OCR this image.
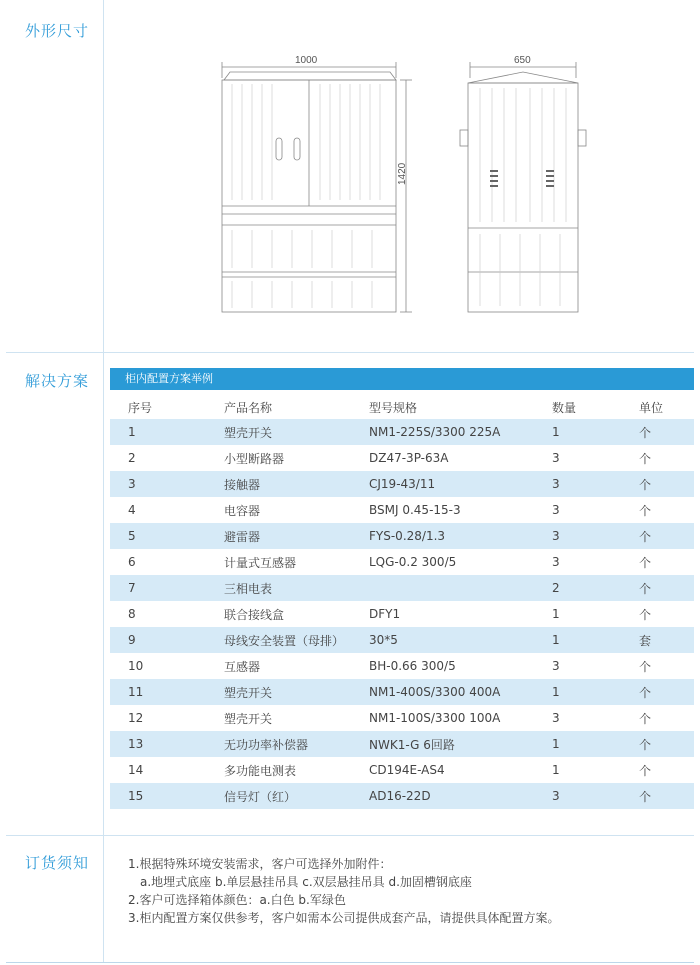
外形尺寸
解决方案
订货须知
1000	650
1420
柜内配置方案举例
序号	产品名称	型号规格	数量	单位
1	塑壳开关	NM1-225S/3300 225A	1	个
2	小型断路器	DZ47-3P-63A	3	个
3	接触器	CJ19-43/11	3	个
4	电容器	BSMJ 0.45-15-3	3	个
5	避雷器	FYS-0.28/1.3	3	个
6	计量式互感器	LQG-0.2 300/5	3	个
7	三相电表		2	个
8	联合接线盒	DFY1	1	个
9	母线安全装置（母排）	30*5	1	套
10	互感器	BH-0.66 300/5	3	个
11	塑壳开关	NM1-400S/3300 400A	1	个
12	塑壳开关	NM1-100S/3300 100A	3	个
13	无功功率补偿器	NWK1-G 6回路	1	个
14	多功能电测表	CD194E-AS4	1	个
15	信号灯（红）	AD16-22D	3	个
1.根据特殊环境安装需求，客户可选择外加附件：
a.地埋式底座 b.单层悬挂吊具 c.双层悬挂吊具 d.加固槽钢底座
2.客户可选择箱体颜色：a.白色 b.军绿色
3.柜内配置方案仅供参考，客户如需本公司提供成套产品，请提供具体配置方案。
